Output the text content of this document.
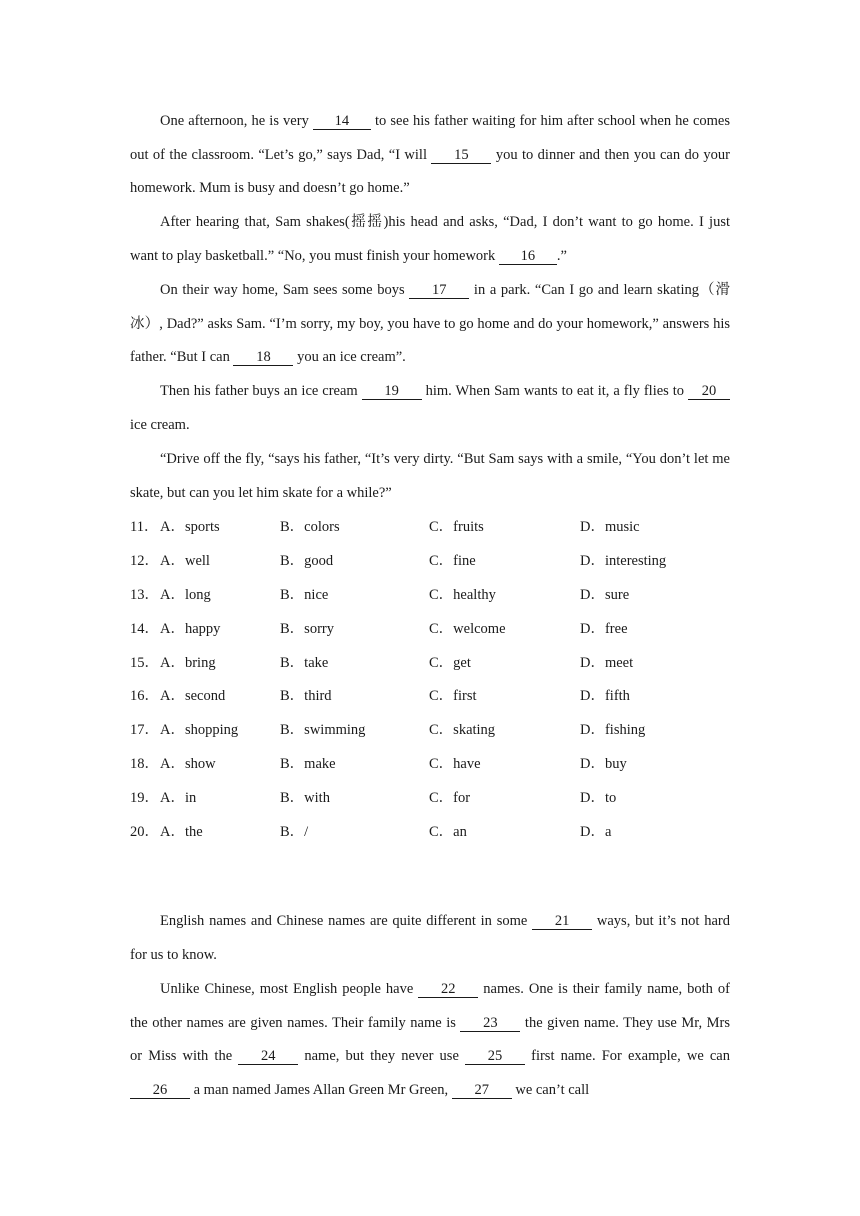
One afternoon, he is very 14 to see his father waiting for him after school when he comes out of the classroom. “Let’s go,” says Dad, “I will 15 you to dinner and then you can do your homework. Mum is busy and doesn’t go home.”

After hearing that, Sam shakes(摇摇)his head and asks, “Dad, I don’t want to go home. I just want to play basketball.” “No, you must finish your homework 16 .”

On their way home, Sam sees some boys 17 in a park. “Can I go and learn skating（滑冰）, Dad?” asks Sam. “I’m sorry, my boy, you have to go home and do your homework,” answers his father. “But I can 18 you an ice cream”.

Then his father buys an ice cream 19 him. When Sam wants to eat it, a fly flies to 20 ice cream.

“Drive off the fly, “says his father, “It’s very dirty. “But Sam says with a smile, “You don’t let me skate, but can you let him skate for a while?”

11． A．sports	B．colors	C．fruits	D．music
12． A．well	B．good	C．fine	D．interesting
13． A．long	B．nice	C．healthy	D．sure
14． A．happy	B．sorry	C．welcome	D．free
15． A．bring	B．take	C．get	D．meet
16． A．second	B．third	C．first	D．fifth
17． A．shopping	B．swimming	C．skating	D．fishing
18． A．show	B．make	C．have	D．buy
19． A．in	B．with	C．for	D．to
20． A．the	B．/	C．an	D．a

English names and Chinese names are quite different in some 21 ways, but it’s not hard for us to know.

Unlike Chinese, most English people have 22 names. One is their family name, both of the other names are given names. Their family name is 23 the given name. They use Mr, Mrs or Miss with the 24 name, but they never use 25 first name. For example, we can 26 a man named James Allan Green Mr Green, 27 we can’t call
